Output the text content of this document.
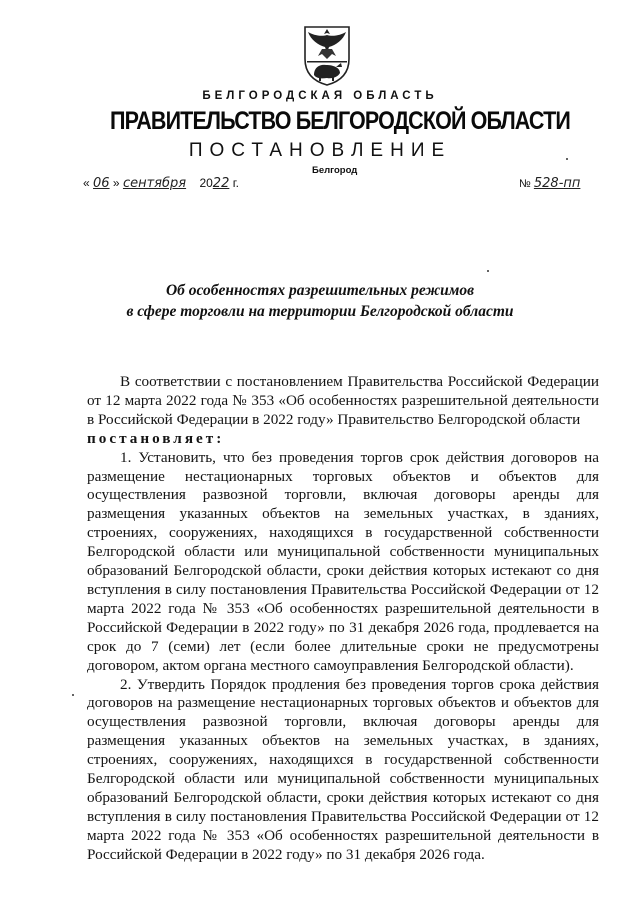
БЕЛГОРОДСКАЯ ОБЛАСТЬ
ПРАВИТЕЛЬСТВО БЕЛГОРОДСКОЙ ОБЛАСТИ
ПОСТАНОВЛЕНИЕ
Белгород
« 06 » сентября 2022 г.	№ 528-пп
Об особенностях разрешительных режимов
в сфере торговли на территории Белгородской области

В соответствии с постановлением Правительства Российской Федерации от 12 марта 2022 года № 353 «Об особенностях разрешительной деятельности в Российской Федерации в 2022 году» Правительство Белгородской области

постановляет:

1. Установить, что без проведения торгов срок действия договоров на размещение нестационарных торговых объектов и объектов для осуществления развозной торговли, включая договоры аренды для размещения указанных объектов на земельных участках, в зданиях, строениях, сооружениях, находящихся в государственной собственности Белгородской области или муниципальной собственности муниципальных образований Белгородской области, сроки действия которых истекают со дня вступления в силу постановления Правительства Российской Федерации от 12 марта 2022 года № 353 «Об особенностях разрешительной деятельности в Российской Федерации в 2022 году» по 31 декабря 2026 года, продлевается на срок до 7 (семи) лет (если более длительные сроки не предусмотрены договором, актом органа местного самоуправления Белгородской области).

2. Утвердить Порядок продления без проведения торгов срока действия договоров на размещение нестационарных торговых объектов и объектов для осуществления развозной торговли, включая договоры аренды для размещения указанных объектов на земельных участках, в зданиях, строениях, сооружениях, находящихся в государственной собственности Белгородской области или муниципальной собственности муниципальных образований Белгородской области, сроки действия которых истекают со дня вступления в силу постановления Правительства Российской Федерации от 12 марта 2022 года № 353 «Об особенностях разрешительной деятельности в Российской Федерации в 2022 году» по 31 декабря 2026 года.
